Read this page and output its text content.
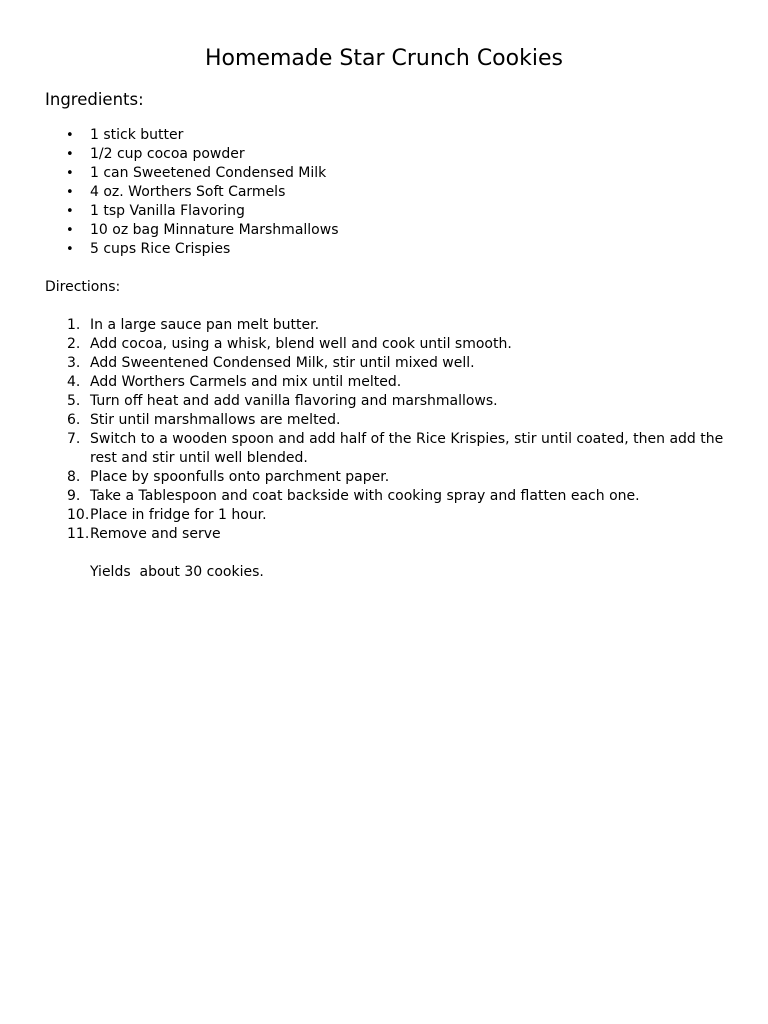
Homemade Star Crunch Cookies
Ingredients:
• 1 stick butter
• 1/2 cup cocoa powder
• 1 can Sweetened Condensed Milk
• 4 oz. Worthers Soft Carmels
• 1 tsp Vanilla Flavoring
• 10 oz bag Minnature Marshmallows
• 5 cups Rice Crispies
Directions:
1. In a large sauce pan melt butter.
2. Add cocoa, using a whisk, blend well and cook until smooth.
3. Add Sweentened Condensed Milk, stir until mixed well.
4. Add Worthers Carmels and mix until melted.
5. Turn off heat and add vanilla flavoring and marshmallows.
6. Stir until marshmallows are melted.
7. Switch to a wooden spoon and add half of the Rice Krispies, stir until coated, then add the rest and stir until well blended.
8. Place by spoonfulls onto parchment paper.
9. Take a Tablespoon and coat backside with cooking spray and flatten each one.
10. Place in fridge for 1 hour.
11. Remove and serve
Yields  about 30 cookies.
